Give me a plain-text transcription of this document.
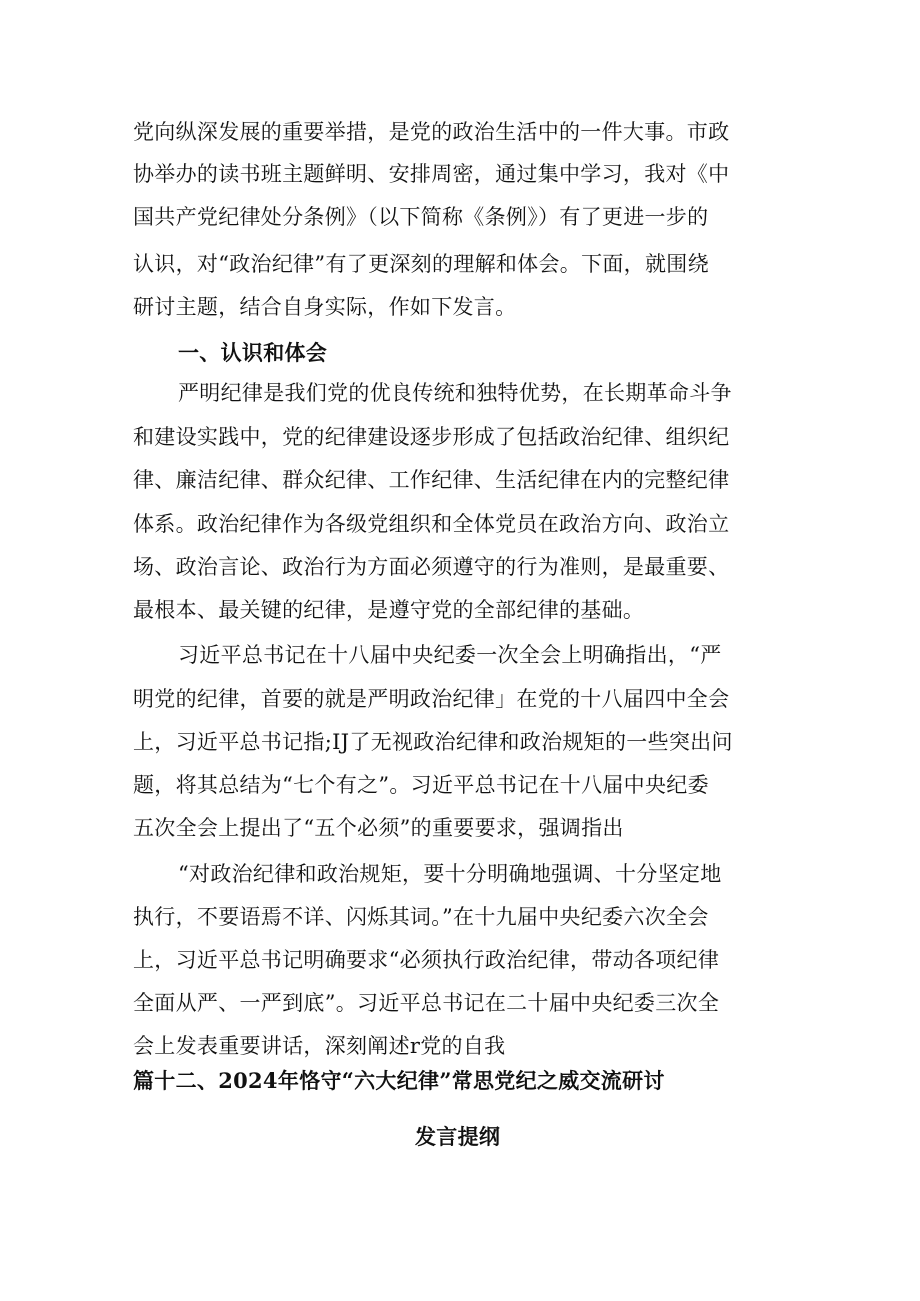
党向纵深发展的重要举措，是党的政治生活中的一件大事。市政

协举办的读书班主题鲜明、安排周密，通过集中学习，我对《中

国共产党纪律处分条例》（以下简称《条例》）有了更进一步的

认识，对“政治纪律”有了更深刻的理解和体会。下面，就围绕

研讨主题，结合自身实际，作如下发言。

一、认识和体会

严明纪律是我们党的优良传统和独特优势，在长期革命斗争

和建设实践中，党的纪律建设逐步形成了包括政治纪律、组织纪

律、廉洁纪律、群众纪律、工作纪律、生活纪律在内的完整纪律

体系。政治纪律作为各级党组织和全体党员在政治方向、政治立

场、政治言论、政治行为方面必须遵守的行为准则，是最重要、

最根本、最关键的纪律，是遵守党的全部纪律的基础。

习近平总书记在十八届中央纪委一次全会上明确指出，“严

明党的纪律，首要的就是严明政治纪律」在党的十八届四中全会

上，习近平总书记指;IJ了无视政治纪律和政治规矩的一些突出问

题，将其总结为“七个有之”。习近平总书记在十八届中央纪委

五次全会上提出了“五个必须”的重要要求，强调指出

“对政治纪律和政治规矩，要十分明确地强调、十分坚定地

执行，不要语焉不详、闪烁其词。”在十九届中央纪委六次全会

上，习近平总书记明确要求“必须执行政治纪律，带动各项纪律

全面从严、一严到底”。习近平总书记在二十届中央纪委三次全

会上发表重要讲话，深刻阐述r党的自我

篇十二、2024年恪守“六大纪律”常思党纪之威交流研讨

发言提纲
